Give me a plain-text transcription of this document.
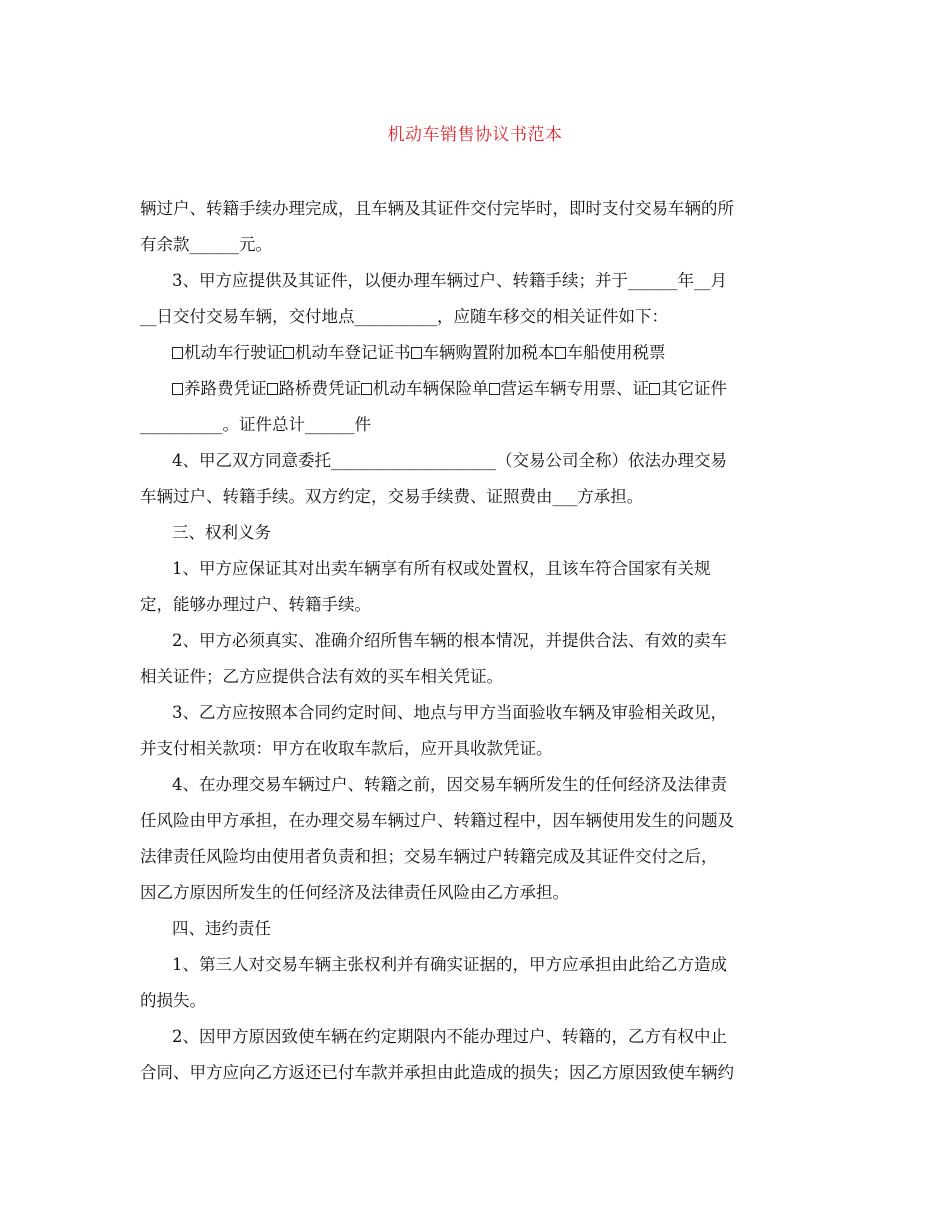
机动车销售协议书范本
辆过户、转籍手续办理完成，且车辆及其证件交付完毕时，即时支付交易车辆的所
有余款______元。
3、甲方应提供及其证件，以便办理车辆过户、转籍手续；并于______年__月
__日交付交易车辆，交付地点__________，应随车移交的相关证件如下：
机动车行驶证 机动车登记证书 车辆购置附加税本 车船使用税票
养路费凭证 路桥费凭证 机动车辆保险单 营运车辆专用票、证 其它证件
__________。证件总计______件
4、甲乙双方同意委托____________________（交易公司全称）依法办理交易
车辆过户、转籍手续。双方约定，交易手续费、证照费由___方承担。
三、权利义务
1、甲方应保证其对出卖车辆享有所有权或处置权，且该车符合国家有关规
定，能够办理过户、转籍手续。
2、甲方必须真实、准确介绍所售车辆的根本情况，并提供合法、有效的卖车
相关证件；乙方应提供合法有效的买车相关凭证。
3、乙方应按照本合同约定时间、地点与甲方当面验收车辆及审验相关政见，
并支付相关款项：甲方在收取车款后，应开具收款凭证。
4、在办理交易车辆过户、转籍之前，因交易车辆所发生的任何经济及法律责
任风险由甲方承担，在办理交易车辆过户、转籍过程中，因车辆使用发生的问题及
法律责任风险均由使用者负责和担；交易车辆过户转籍完成及其证件交付之后，
因乙方原因所发生的任何经济及法律责任风险由乙方承担。
四、违约责任
1、第三人对交易车辆主张权利并有确实证据的，甲方应承担由此给乙方造成
的损失。
2、因甲方原因致使车辆在约定期限内不能办理过户、转籍的，乙方有权中止
合同、甲方应向乙方返还已付车款并承担由此造成的损失；因乙方原因致使车辆约
